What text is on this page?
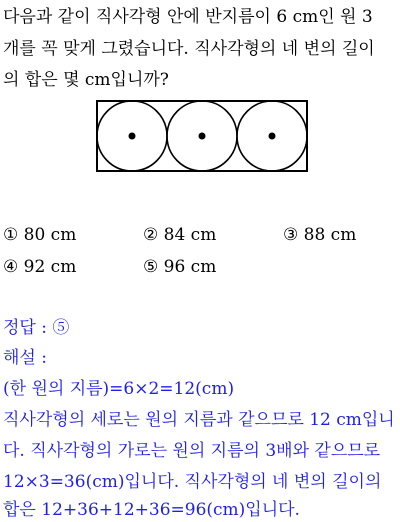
다음과 같이 직사각형 안에 반지름이 6 cm인 원 3
개를 꼭 맞게 그렸습니다. 직사각형의 네 변의 길이
의 합은 몇 cm입니까?
① 80 cm	② 84 cm	③ 88 cm
④ 92 cm	⑤ 96 cm
정답 : ⑤
해설 :
(한 원의 지름)=6×2=12(cm)
직사각형의 세로는 원의 지름과 같으므로 12 cm입니
다. 직사각형의 가로는 원의 지름의 3배와 같으므로
12×3=36(cm)입니다. 직사각형의 네 변의 길이의
합은 12+36+12+36=96(cm)입니다.
